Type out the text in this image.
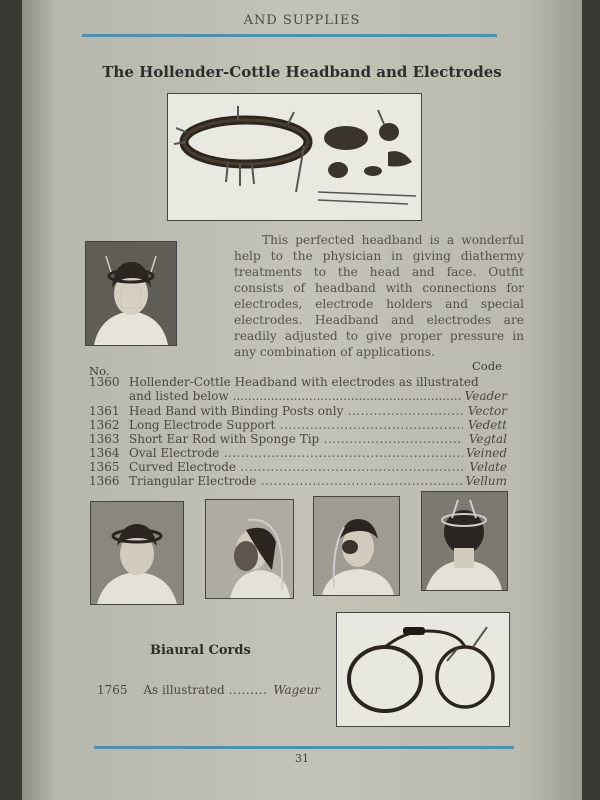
AND SUPPLIES
The Hollender-Cottle Headband and Electrodes
This perfected headband is a wonderful help to the physician in giving diathermy treatments to the head and face. Outfit consists of headband with connections for electrodes, electrode holders and special electrodes. Headband and electrodes are readily adjusted to give proper pressure in any combination of applications.
No.	Code
1360 Hollender-Cottle Headband with electrodes as illustrated
and listed below .....	Veader
1361 Head Band with Binding Posts only .....	Vector
1362 Long Electrode Support .....	Vedett
1363 Short Ear Rod with Sponge Tip .....	Vegtal
1364 Oval Electrode .....	Veined
1365 Curved Electrode .....	Velate
1366 Triangular Electrode .....	Vellum
Biaural Cords
1765 As illustrated ......... Wageur
31
